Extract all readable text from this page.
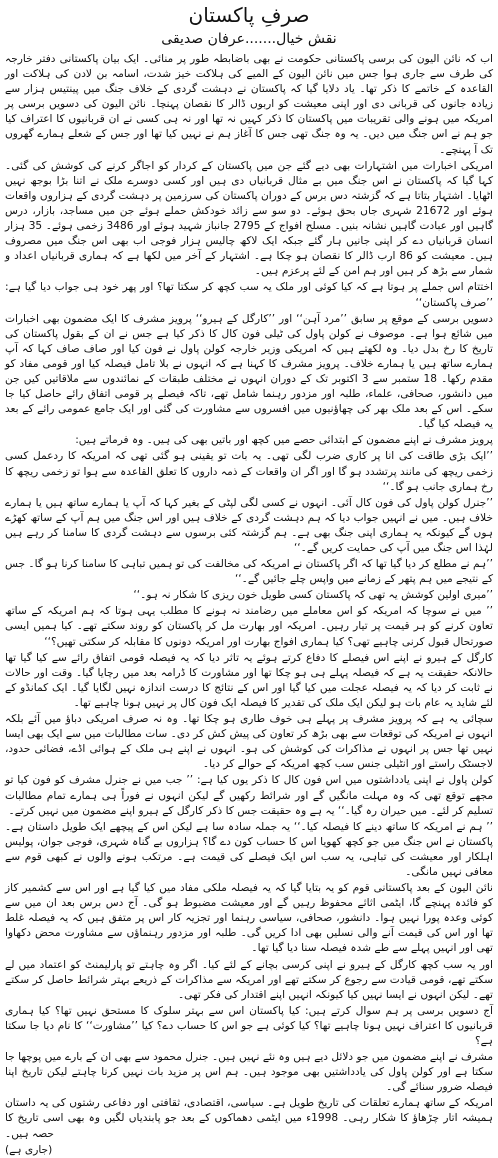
صرفِ پاکستان
نقش خیال.......عرفان صدیقی

اب کہ نائن الیون کی برسی پاکستانی حکومت نے بھی باضابطہ طور پر منائی۔ ایک بیان پاکستانی دفتر خارجہ کی طرف سے جاری ہوا جس میں نائن الیون کے المیے کی ہلاکت خیز شدت، اسامہ بن لادن کی ہلاکت اور القاعدہ کے خاتمے کا ذکر تھا۔ یاد دلایا گیا کہ پاکستان نے دہشت گردی کے خلاف جنگ میں پینتیس ہزار سے زیادہ جانوں کی قربانی دی اور اپنی معیشت کو اربوں ڈالر کا نقصان پہنچا۔ نائن الیون کی دسویں برسی پر امریکہ میں ہونے والی تقریبات میں پاکستان کا ذکر کہیں نہ تھا اور نہ ہی کسی نے ان قربانیوں کا اعتراف کیا جو ہم نے اس جنگ میں دیں۔ یہ وہ جنگ تھی جس کا آغاز ہم نے نہیں کیا تھا اور جس کے شعلے ہمارے گھروں تک آ پہنچے۔

امریکی اخبارات میں اشتہارات بھی دیے گئے جن میں پاکستان کے کردار کو اجاگر کرنے کی کوشش کی گئی۔ کہا گیا کہ پاکستان نے اس جنگ میں بے مثال قربانیاں دی ہیں اور کسی دوسرے ملک نے اتنا بڑا بوجھ نہیں اٹھایا۔ اشتہار بتاتا ہے کہ گزشتہ دس برس کے دوران پاکستان کی سرزمین پر دہشت گردی کے ہزاروں واقعات ہوئے اور 21672 شہری جاں بحق ہوئے۔ دو سو سے زائد خودکش حملے ہوئے جن میں مساجد، بازار، درس گاہیں اور عبادت گاہیں نشانہ بنیں۔ مسلح افواج کے 2795 جانباز شہید ہوئے اور 3486 زخمی ہوئے۔ 35 ہزار انسان قربانیاں دے کر اپنی جانیں ہار گئے جبکہ ایک لاکھ چالیس ہزار فوجی اب بھی اس جنگ میں مصروف ہیں۔ معیشت کو 86 ارب ڈالر کا نقصان ہو چکا ہے۔ اشتہار کے آخر میں لکھا ہے کہ ہماری قربانیاں اعداد و شمار سے بڑھ کر ہیں اور ہم امن کے لئے پرعزم ہیں۔

اختتام اس جملے پر ہوتا ہے کہ کیا کوئی اور ملک یہ سب کچھ کر سکتا تھا؟ اور پھر خود ہی جواب دیا گیا ہے: ’’صرف پاکستان‘‘

دسویں برسی کے موقع پر سابق ’’مرد آہن‘‘ اور ’’کارگل کے ہیرو‘‘ پرویز مشرف کا ایک مضمون بھی اخبارات میں شائع ہوا ہے۔ موصوف نے کولن پاول کی ٹیلی فون کال کا ذکر کیا ہے جس نے ان کے بقول پاکستان کی تاریخ کا رخ بدل دیا۔ وہ لکھتے ہیں کہ امریکی وزیر خارجہ کولن پاول نے فون کیا اور صاف صاف کہا کہ آپ ہمارے ساتھ ہیں یا ہمارے خلاف۔ پرویز مشرف کا کہنا ہے کہ انہوں نے بلا تامل فیصلہ کیا اور قومی مفاد کو مقدم رکھا۔ 18 ستمبر سے 3 اکتوبر تک کے دوران انہوں نے مختلف طبقات کے نمائندوں سے ملاقاتیں کیں جن میں دانشور، صحافی، علماء، طلبہ اور مزدور رہنما شامل تھے، تاکہ فیصلے پر قومی اتفاق رائے حاصل کیا جا سکے۔ اس کے بعد ملک بھر کی چھاؤنیوں میں افسروں سے مشاورت کی گئی اور ایک جامع عمومی رائے کے بعد یہ فیصلہ کیا گیا۔

پرویز مشرف نے اپنے مضمون کے ابتدائی حصے میں کچھ اور باتیں بھی کی ہیں۔ وہ فرماتے ہیں:

’’ایک بڑی طاقت کی انا پر کاری ضرب لگی تھی۔ یہ بات تو یقینی ہو گئی تھی کہ امریکہ کا ردعمل کسی زخمی ریچھ کی مانند پرتشدد ہو گا اور اگر ان واقعات کے ذمہ داروں کا تعلق القاعدہ سے ہوا تو زخمی ریچھ کا رخ ہماری جانب ہو گا۔‘‘

’’جنرل کولن پاول کی فون کال آئی۔ انہوں نے کسی لگی لپٹی کے بغیر کہا کہ آپ یا ہمارے ساتھ ہیں یا ہمارے خلاف ہیں۔ میں نے انہیں جواب دیا کہ ہم دہشت گردی کے خلاف ہیں اور اس جنگ میں ہم آپ کے ساتھ کھڑے ہوں گے کیونکہ یہ ہماری اپنی جنگ بھی ہے۔ ہم گزشتہ کئی برسوں سے دہشت گردی کا سامنا کر رہے ہیں لہٰذا اس جنگ میں آپ کی حمایت کریں گے۔‘‘

’’ہم نے مطلع کر دیا گیا تھا کہ اگر پاکستان نے امریکہ کی مخالفت کی تو ہمیں تباہی کا سامنا کرنا ہو گا۔ جس کے نتیجے میں ہم پتھر کے زمانے میں واپس چلے جائیں گے۔‘‘

’’میری اولین کوشش یہ تھی کہ پاکستان کسی طویل خون ریزی کا شکار نہ ہو۔‘‘

’’ میں نے سوچا کہ امریکہ کو اس معاملے میں رضامند نہ ہونے کا مطلب یہی ہوتا کہ ہم امریکہ کے ساتھ تعاون کرنے کو ہر قیمت پر تیار رہیں۔ امریکہ اور بھارت مل کر پاکستان کو روند سکتے تھے۔ کیا ہمیں ایسی صورتحال قبول کرنی چاہیے تھی؟ کیا ہماری افواج بھارت اور امریکہ دونوں کا مقابلہ کر سکتی تھیں؟‘‘

کارگل کے ہیرو نے اپنے اس فیصلے کا دفاع کرتے ہوئے یہ تاثر دیا کہ یہ فیصلہ قومی اتفاق رائے سے کیا گیا تھا حالانکہ حقیقت یہ ہے کہ فیصلہ پہلے ہی ہو چکا تھا اور مشاورت کا ڈرامہ بعد میں رچایا گیا۔ وقت اور حالات نے ثابت کر دیا کہ یہ فیصلہ عجلت میں کیا گیا اور اس کے نتائج کا درست اندازہ نہیں لگایا گیا۔ ایک کمانڈو کے لئے شاید یہ عام بات ہو لیکن ایک ملک کی تقدیر کا فیصلہ ایک فون کال پر نہیں ہونا چاہیے تھا۔

سچائی یہ ہے کہ پرویز مشرف پر پہلے ہی خوف طاری ہو چکا تھا۔ وہ نہ صرف امریکی دباؤ میں آئے بلکہ انہوں نے امریکہ کی توقعات سے بھی بڑھ کر تعاون کی پیش کش کر دی۔ سات مطالبات میں سے ایک بھی ایسا نہیں تھا جس پر انہوں نے مذاکرات کی کوشش کی ہو۔ انہوں نے اپنے ہی ملک کے ہوائی اڈے، فضائی حدود، لاجسٹک راستے اور انٹیلی جنس سب کچھ امریکہ کے حوالے کر دیا۔

کولن پاول نے اپنی یادداشتوں میں اس فون کال کا ذکر یوں کیا ہے: ’’ جب میں نے جنرل مشرف کو فون کیا تو مجھے توقع تھی کہ وہ مہلت مانگیں گے اور شرائط رکھیں گے لیکن انہوں نے فوراً ہی ہمارے تمام مطالبات تسلیم کر لئے۔ میں حیران رہ گیا۔‘‘ یہ ہے وہ حقیقت جس کا ذکر کارگل کے ہیرو اپنے مضمون میں نہیں کرتے۔

’’ ہم نے امریکہ کا ساتھ دینے کا فیصلہ کیا۔‘‘ یہ جملہ سادہ سا ہے لیکن اس کے پیچھے ایک طویل داستان ہے۔ پاکستان نے اس جنگ میں جو کچھ کھویا اس کا حساب کون دے گا؟ ہزاروں بے گناہ شہری، فوجی جوان، پولیس اہلکار اور معیشت کی تباہی، یہ سب اس ایک فیصلے کی قیمت ہے۔ مرتکب ہونے والوں نے کبھی قوم سے معافی نہیں مانگی۔

نائن الیون کے بعد پاکستانی قوم کو یہ بتایا گیا کہ یہ فیصلہ ملکی مفاد میں کیا گیا ہے اور اس سے کشمیر کاز کو فائدہ پہنچے گا، ایٹمی اثاثے محفوظ رہیں گے اور معیشت مضبوط ہو گی۔ آج دس برس بعد ان میں سے کوئی وعدہ پورا نہیں ہوا۔ دانشور، صحافی، سیاسی رہنما اور تجزیہ کار اس پر متفق ہیں کہ یہ فیصلہ غلط تھا اور اس کی قیمت آنے والی نسلیں بھی ادا کریں گی۔ طلبہ اور مزدور رہنماؤں سے مشاورت محض دکھاوا تھی اور انہیں پہلے سے طے شدہ فیصلہ سنا دیا گیا تھا۔

اور یہ سب کچھ کارگل کے ہیرو نے اپنی کرسی بچانے کے لئے کیا۔ اگر وہ چاہتے تو پارلیمنٹ کو اعتماد میں لے سکتے تھے، قومی قیادت سے رجوع کر سکتے تھے اور امریکہ سے مذاکرات کے ذریعے بہتر شرائط حاصل کر سکتے تھے۔ لیکن انہوں نے ایسا نہیں کیا کیونکہ انہیں اپنے اقتدار کی فکر تھی۔

آج دسویں برسی پر ہم سوال کرتے ہیں: کیا پاکستان اس سے بہتر سلوک کا مستحق نہیں تھا؟ کیا ہماری قربانیوں کا اعتراف نہیں ہونا چاہیے تھا؟ کیا کوئی ہے جو اس کا حساب دے؟ کیا ’’مشاورت‘‘ کا نام دیا جا سکتا ہے؟

مشرف نے اپنے مضمون میں جو دلائل دیے ہیں وہ نئے نہیں ہیں۔ جنرل محمود سے بھی ان کے بارے میں پوچھا جا سکتا ہے اور کولن پاول کی یادداشتیں بھی موجود ہیں۔ ہم اس پر مزید بات نہیں کرنا چاہتے لیکن تاریخ اپنا فیصلہ ضرور سنائے گی۔

امریکہ کے ساتھ ہمارے تعلقات کی تاریخ طویل ہے۔ سیاسی، اقتصادی، ثقافتی اور دفاعی رشتوں کی یہ داستان ہمیشہ اتار چڑھاؤ کا شکار رہی۔ 1998ء میں ایٹمی دھماکوں کے بعد جو پابندیاں لگیں وہ بھی اسی تاریخ کا حصہ ہیں۔

(جاری ہے)
